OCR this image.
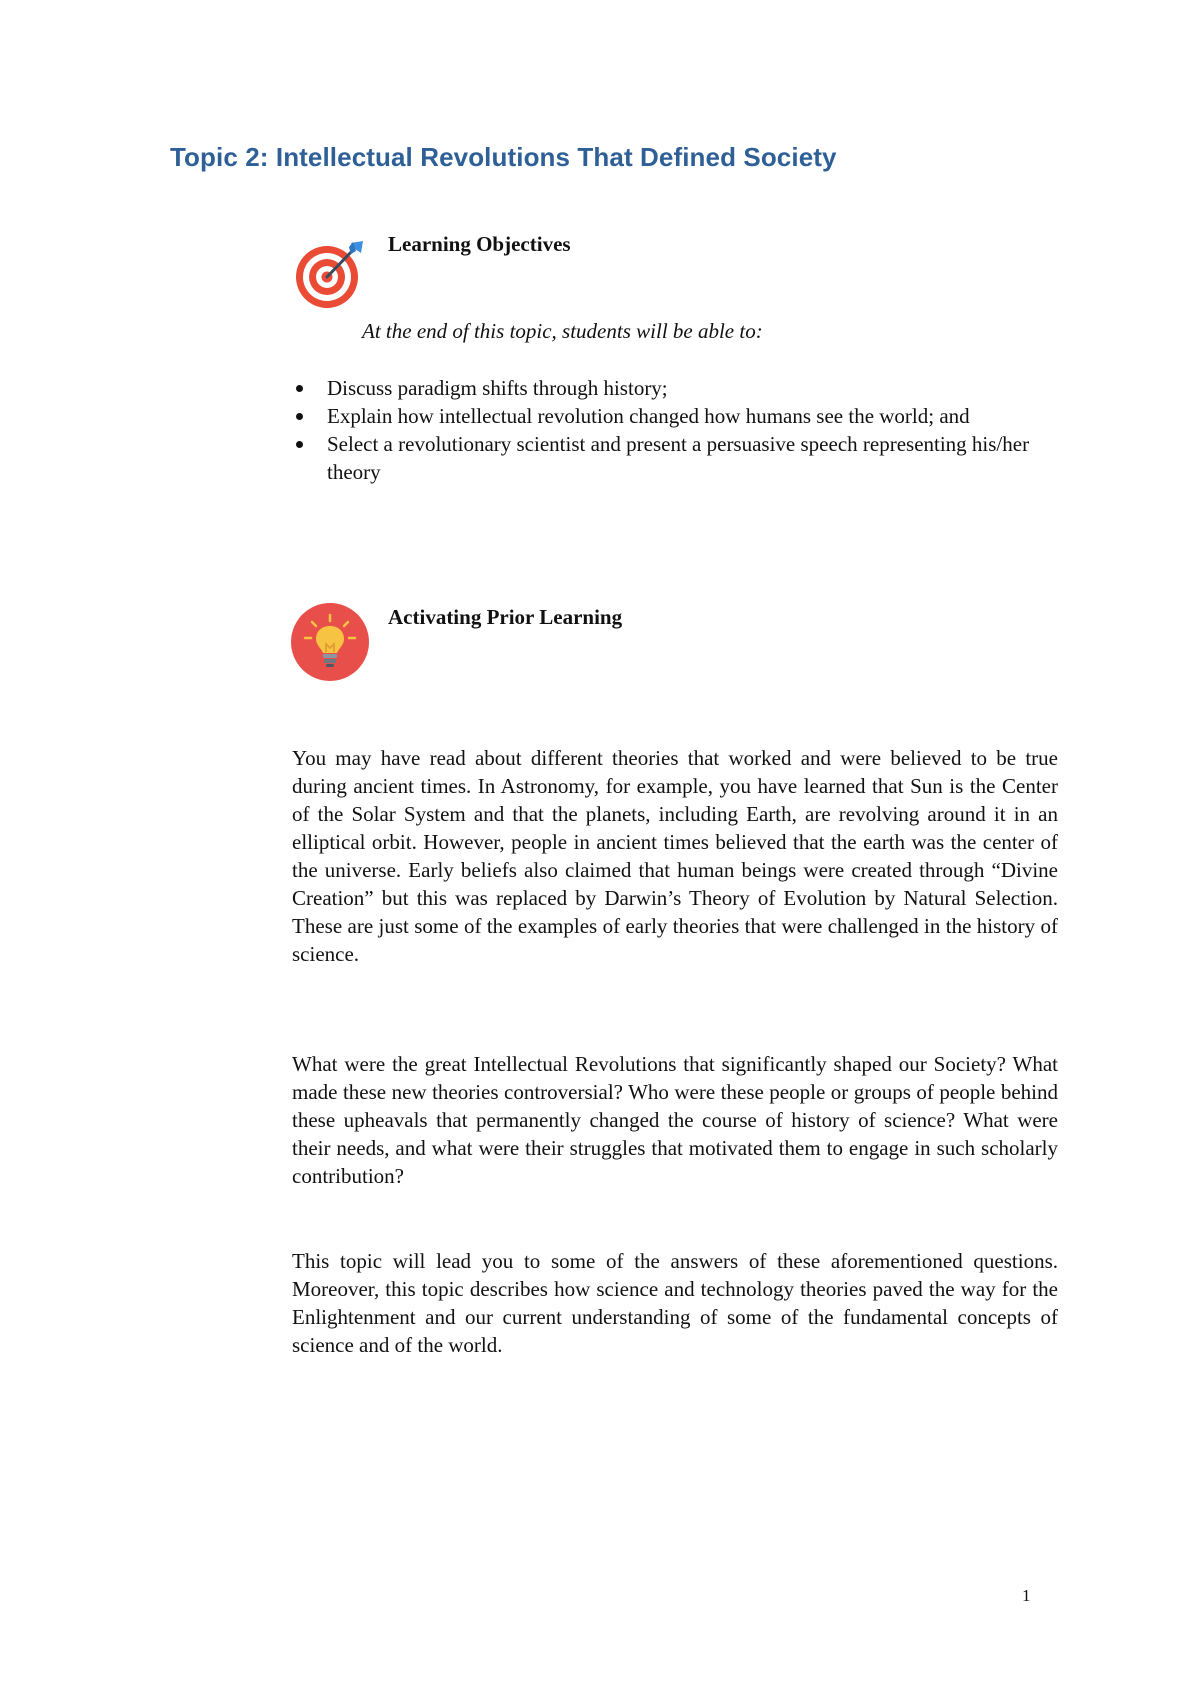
Topic 2: Intellectual Revolutions That Defined Society
Learning Objectives
At the end of this topic, students will be able to:
Discuss paradigm shifts through history;
Explain how intellectual revolution changed how humans see the world; and
Select a revolutionary scientist and present a persuasive speech representing his/her theory
Activating Prior Learning

You may have read about different theories that worked and were believed to be true during ancient times. In Astronomy, for example, you have learned that Sun is the Center of the Solar System and that the planets, including Earth, are revolving around it in an elliptical orbit. However, people in ancient times believed that the earth was the center of the universe. Early beliefs also claimed that human beings were created through “Divine Creation” but this was replaced by Darwin’s Theory of Evolution by Natural Selection. These are just some of the examples of early theories that were challenged in the history of science.

What were the great Intellectual Revolutions that significantly shaped our Society? What made these new theories controversial? Who were these people or groups of people behind these upheavals that permanently changed the course of history of science? What were their needs, and what were their struggles that motivated them to engage in such scholarly contribution?

This topic will lead you to some of the answers of these aforementioned questions. Moreover, this topic describes how science and technology theories paved the way for the Enlightenment and our current understanding of some of the fundamental concepts of science and of the world.

1
